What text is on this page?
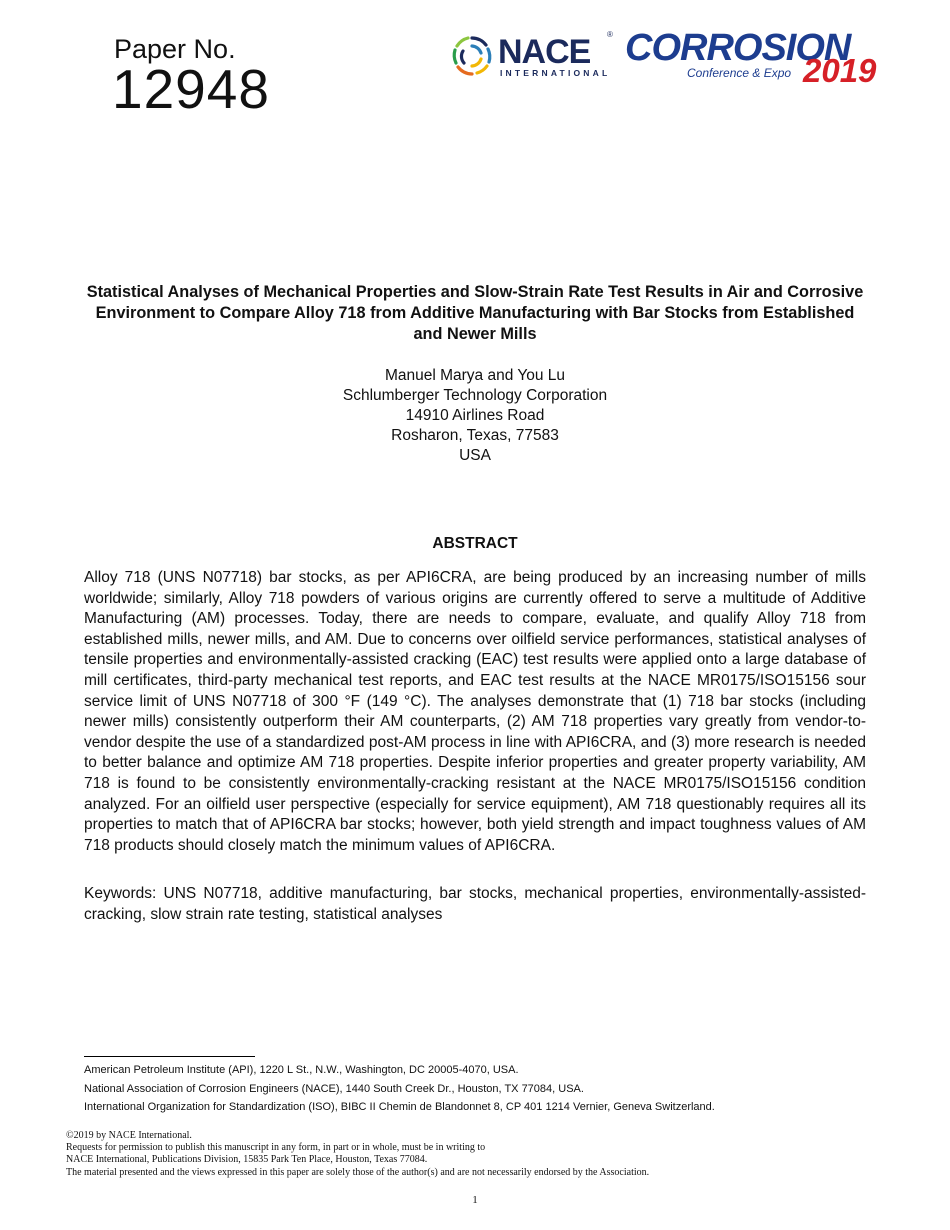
Paper No.
12948
NACE ®
INTERNATIONAL
CORROSION
Conference & Expo 2019
Statistical Analyses of Mechanical Properties and Slow-Strain Rate Test Results in Air and Corrosive Environment to Compare Alloy 718 from Additive Manufacturing with Bar Stocks from Established and Newer Mills
Manuel Marya and You Lu
Schlumberger Technology Corporation
14910 Airlines Road
Rosharon, Texas, 77583
USA
ABSTRACT
Alloy 718 (UNS N07718) bar stocks, as per API6CRA, are being produced by an increasing number of mills worldwide; similarly, Alloy 718 powders of various origins are currently offered to serve a multitude of Additive Manufacturing (AM) processes. Today, there are needs to compare, evaluate, and qualify Alloy 718 from established mills, newer mills, and AM. Due to concerns over oilfield service performances, statistical analyses of tensile properties and environmentally-assisted cracking (EAC) test results were applied onto a large database of mill certificates, third-party mechanical test reports, and EAC test results at the NACE MR0175/ISO15156 sour service limit of UNS N07718 of 300 °F (149 °C). The analyses demonstrate that (1) 718 bar stocks (including newer mills) consistently outperform their AM counterparts, (2) AM 718 properties vary greatly from vendor-to-vendor despite the use of a standardized post-AM process in line with API6CRA, and (3) more research is needed to better balance and optimize AM 718 properties. Despite inferior properties and greater property variability, AM 718 is found to be consistently environmentally-cracking resistant at the NACE MR0175/ISO15156 condition analyzed. For an oilfield user perspective (especially for service equipment), AM 718 questionably requires all its properties to match that of API6CRA bar stocks; however, both yield strength and impact toughness values of AM 718 products should closely match the minimum values of API6CRA.
Keywords: UNS N07718, additive manufacturing, bar stocks, mechanical properties, environmentally-assisted-cracking, slow strain rate testing, statistical analyses
American Petroleum Institute (API), 1220 L St., N.W., Washington, DC 20005-4070, USA.
National Association of Corrosion Engineers (NACE), 1440 South Creek Dr., Houston, TX 77084, USA.
International Organization for Standardization (ISO), BIBC II Chemin de Blandonnet 8, CP 401 1214 Vernier, Geneva Switzerland.
©2019 by NACE International.
Requests for permission to publish this manuscript in any form, in part or in whole, must be in writing to
NACE International, Publications Division, 15835 Park Ten Place, Houston, Texas 77084.
The material presented and the views expressed in this paper are solely those of the author(s) and are not necessarily endorsed by the Association.
1
